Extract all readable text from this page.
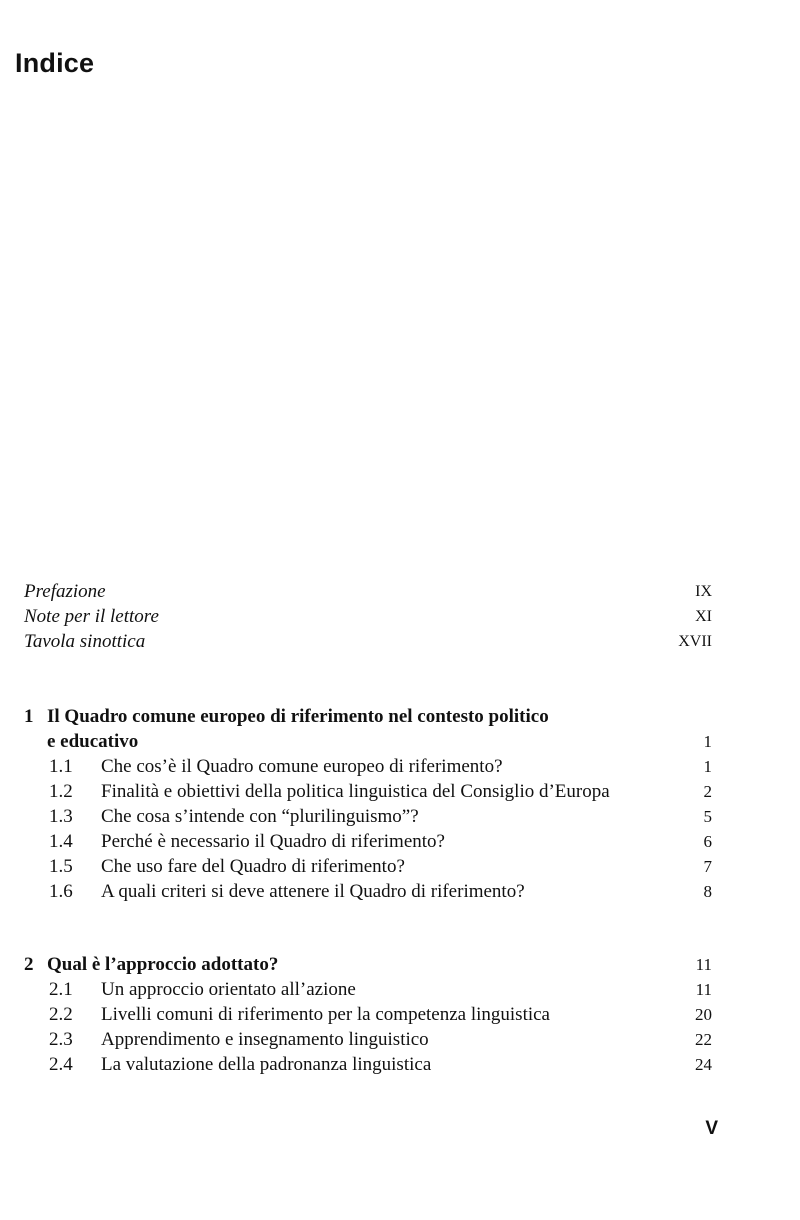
Indice
Prefazione	IX
Note per il lettore	XI
Tavola sinottica	XVII
1 Il Quadro comune europeo di riferimento nel contesto politico
e educativo	1
1.1 Che cos’è il Quadro comune europeo di riferimento?	1
1.2 Finalità e obiettivi della politica linguistica del Consiglio d’Europa	2
1.3 Che cosa s’intende con “plurilinguismo”?	5
1.4 Perché è necessario il Quadro di riferimento?	6
1.5 Che uso fare del Quadro di riferimento?	7
1.6 A quali criteri si deve attenere il Quadro di riferimento?	8
2 Qual è l’approccio adottato?	11
2.1 Un approccio orientato all’azione	11
2.2 Livelli comuni di riferimento per la competenza linguistica	20
2.3 Apprendimento e insegnamento linguistico	22
2.4 La valutazione della padronanza linguistica	24
V
